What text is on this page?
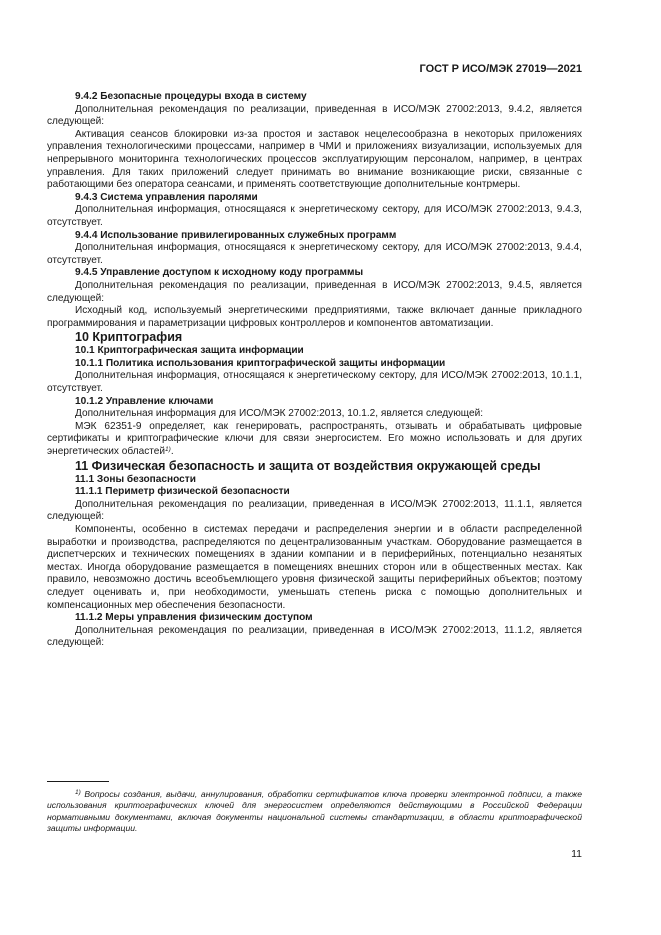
ГОСТ Р ИСО/МЭК 27019—2021

9.4.2 Безопасные процедуры входа в систему

Дополнительная рекомендация по реализации, приведенная в ИСО/МЭК 27002:2013, 9.4.2, является следующей:

Активация сеансов блокировки из-за простоя и заставок нецелесообразна в некоторых приложениях управления технологическими процессами, например в ЧМИ и приложениях визуализации, используемых для непрерывного мониторинга технологических процессов эксплуатирующим персоналом, например, в центрах управления. Для таких приложений следует принимать во внимание возникающие риски, связанные с работающими без оператора сеансами, и применять соответствующие дополнительные контрмеры.

9.4.3 Система управления паролями

Дополнительная информация, относящаяся к энергетическому сектору, для ИСО/МЭК 27002:2013, 9.4.3, отсутствует.

9.4.4 Использование привилегированных служебных программ

Дополнительная информация, относящаяся к энергетическому сектору, для ИСО/МЭК 27002:2013, 9.4.4, отсутствует.

9.4.5 Управление доступом к исходному коду программы

Дополнительная рекомендация по реализации, приведенная в ИСО/МЭК 27002:2013, 9.4.5, является следующей:

Исходный код, используемый энергетическими предприятиями, также включает данные прикладного программирования и параметризации цифровых контроллеров и компонентов автоматизации.

10 Криптография

10.1 Криптографическая защита информации

10.1.1 Политика использования криптографической защиты информации

Дополнительная информация, относящаяся к энергетическому сектору, для ИСО/МЭК 27002:2013, 10.1.1, отсутствует.

10.1.2 Управление ключами

Дополнительная информация для ИСО/МЭК 27002:2013, 10.1.2, является следующей:

МЭК 62351-9 определяет, как генерировать, распространять, отзывать и обрабатывать цифровые сертификаты и криптографические ключи для связи энергосистем. Его можно использовать и для других энергетических областей$^{1)}$.

11 Физическая безопасность и защита от воздействия окружающей среды

11.1 Зоны безопасности

11.1.1 Периметр физической безопасности

Дополнительная рекомендация по реализации, приведенная в ИСО/МЭК 27002:2013, 11.1.1, является следующей:

Компоненты, особенно в системах передачи и распределения энергии и в области распределенной выработки и производства, распределяются по децентрализованным участкам. Оборудование размещается в диспетчерских и технических помещениях в здании компании и в периферийных, потенциально незанятых местах. Иногда оборудование размещается в помещениях внешних сторон или в общественных местах. Как правило, невозможно достичь всеобъемлющего уровня физической защиты периферийных объектов; поэтому следует оценивать и, при необходимости, уменьшать степень риска с помощью дополнительных и компенсационных мер обеспечения безопасности.

11.1.2 Меры управления физическим доступом

Дополнительная рекомендация по реализации, приведенная в ИСО/МЭК 27002:2013, 11.1.2, является следующей:

$^{1)}$ Вопросы создания, выдачи, аннулирования, обработки сертификатов ключа проверки электронной подписи, а также использования криптографических ключей для энергосистем определяются действующими в Российской Федерации нормативными документами, включая документы национальной системы стандартизации, в области криптографической защиты информации.

11
